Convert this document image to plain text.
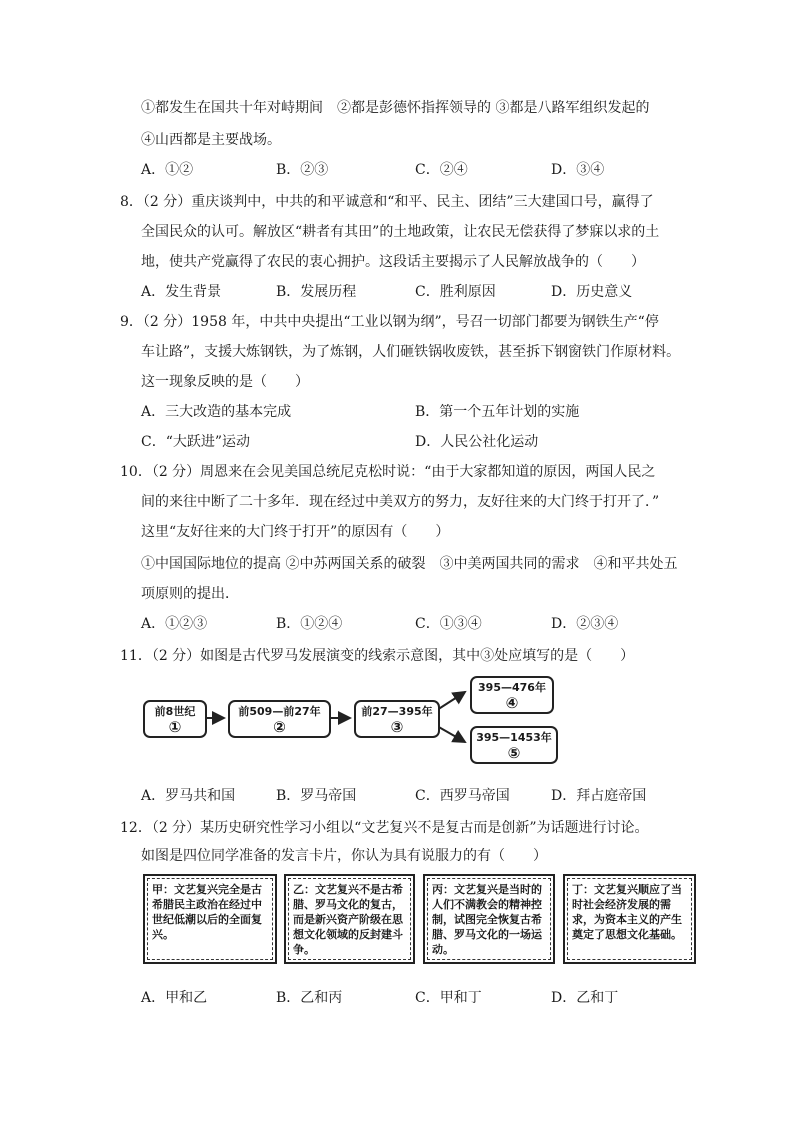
①都发生在国共十年对峙期间　②都是彭德怀指挥领导的 ③都是八路军组织发起的
④山西都是主要战场。
A．①②	B．②③	C．②④	D．③④
8．（2 分）重庆谈判中，中共的和平诚意和“和平、民主、团结”三大建国口号，赢得了
全国民众的认可。解放区“耕者有其田”的土地政策，让农民无偿获得了梦寐以求的土
地，使共产党赢得了农民的衷心拥护。这段话主要揭示了人民解放战争的（　　）
A．发生背景	B．发展历程	C．胜利原因	D．历史意义
9．（2 分）1958 年，中共中央提出“工业以钢为纲”，号召一切部门都要为钢铁生产“停
车让路”，支援大炼钢铁，为了炼钢，人们砸铁锅收废铁，甚至拆下钢窗铁门作原材料。
这一现象反映的是（　　）
A．三大改造的基本完成	B．第一个五年计划的实施
C．“大跃进”运动	D．人民公社化运动
10．（2 分）周恩来在会见美国总统尼克松时说：“由于大家都知道的原因，两国人民之
间的来往中断了二十多年．现在经过中美双方的努力，友好往来的大门终于打开了．”
这里“友好往来的大门终于打开”的原因有（　　）
①中国国际地位的提高 ②中苏两国关系的破裂　③中美两国共同的需求　④和平共处五
项原则的提出．
A．①②③	B．①②④	C．①③④	D．②③④
11．（2 分）如图是古代罗马发展演变的线索示意图，其中③处应填写的是（　　）
前8世纪
①
前509—前27年
②
前27—395年
③
395—476年
④
395—1453年
⑤
A．罗马共和国	B．罗马帝国	C．西罗马帝国	D．拜占庭帝国
12．（2 分）某历史研究性学习小组以“文艺复兴不是复古而是创新”为话题进行讨论。
如图是四位同学准备的发言卡片，你认为具有说服力的有（　　）
甲：文艺复兴完全是古希腊民主政治在经过中世纪低潮以后的全面复兴。
乙：文艺复兴不是古希腊、罗马文化的复古，而是新兴资产阶级在思想文化领域的反封建斗争。
丙：文艺复兴是当时的人们不满教会的精神控制，试图完全恢复古希腊、罗马文化的一场运动。
丁：文艺复兴顺应了当时社会经济发展的需求，为资本主义的产生奠定了思想文化基础。
A．甲和乙	B．乙和丙	C．甲和丁	D．乙和丁
